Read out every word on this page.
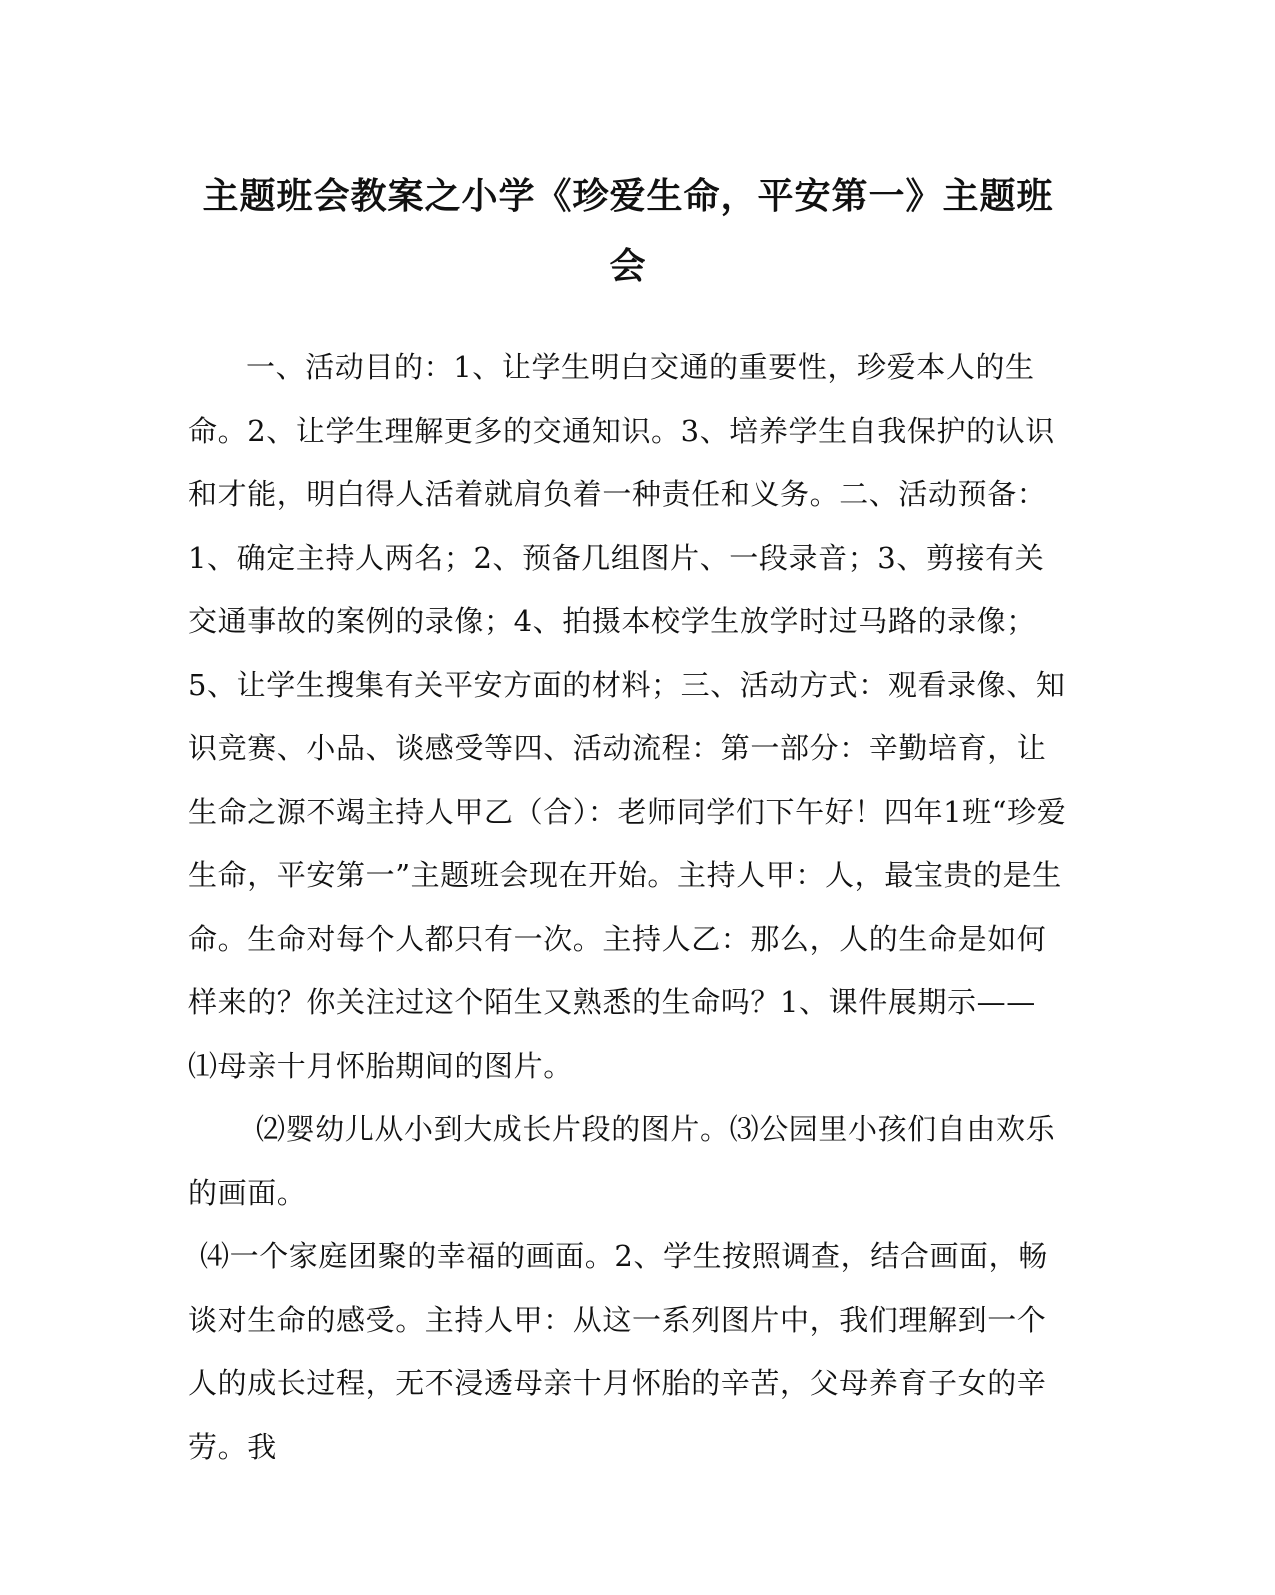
主题班会教案之小学《珍爱生命，平安第一》主题班会

一、活动目的：1、让学生明白交通的重要性，珍爱本人的生命。2、让学生理解更多的交通知识。3、培养学生自我保护的认识和才能，明白得人活着就肩负着一种责任和义务。二、活动预备：1、确定主持人两名；2、预备几组图片、一段录音；3、剪接有关交通事故的案例的录像；4、拍摄本校学生放学时过马路的录像；5、让学生搜集有关平安方面的材料；三、活动方式：观看录像、知识竞赛、小品、谈感受等四、活动流程：第一部分：辛勤培育，让生命之源不竭主持人甲乙（合）：老师同学们下午好！四年1班“珍爱生命，平安第一”主题班会现在开始。主持人甲：人，最宝贵的是生命。生命对每个人都只有一次。主持人乙：那么，人的生命是如何样来的？你关注过这个陌生又熟悉的生命吗？1、课件展期示——

⑴母亲十月怀胎期间的图片。

⑵婴幼儿从小到大成长片段的图片。⑶公园里小孩们自由欢乐的画面。

⑷一个家庭团聚的幸福的画面。2、学生按照调查，结合画面，畅谈对生命的感受。主持人甲：从这一系列图片中，我们理解到一个人的成长过程，无不浸透母亲十月怀胎的辛苦，父母养育子女的辛劳。我
